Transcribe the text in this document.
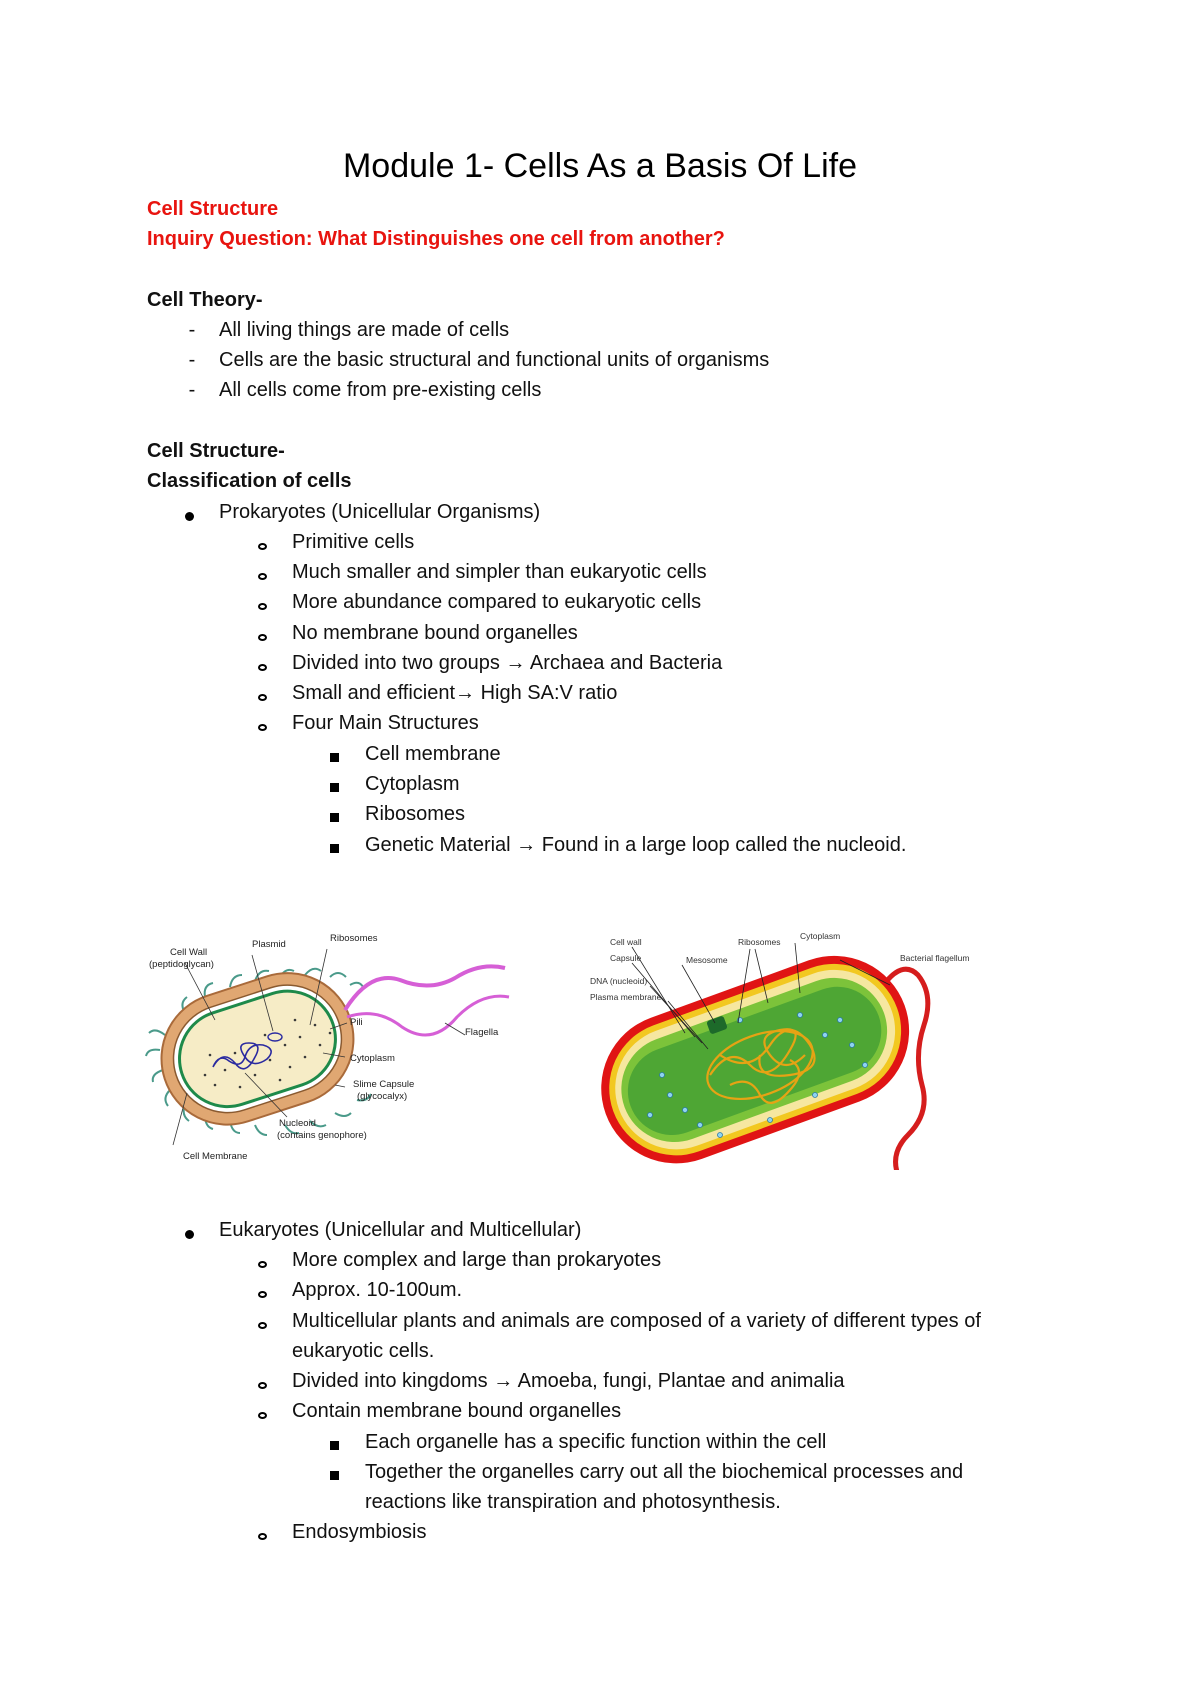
Module 1- Cells As a Basis Of Life
Cell Structure
Inquiry Question: What Distinguishes one cell from another?
Cell Theory-
-	All living things are made of cells
-	Cells are the basic structural and functional units of organisms
-	All cells come from pre-existing cells
Cell Structure-
Classification of cells
Prokaryotes (Unicellular Organisms)
Primitive cells
Much smaller and simpler than eukaryotic cells
More abundance compared to eukaryotic cells
No membrane bound organelles
Divided into two groups → Archaea and Bacteria
Small and efficient→ High SA:V ratio
Four Main Structures
Cell membrane
Cytoplasm
Ribosomes
Genetic Material → Found in a large loop called the nucleoid.
Cell Wall
(peptidoglycan)
Plasmid
Ribosomes
Pili
Flagella
Cytoplasm
Slime Capsule
(glycocalyx)
Nucleoid
(contains genophore)
Cell Membrane
Cell wall
Capsule
DNA (nucleoid)
Plasma membrane
Mesosome
Ribosomes
Cytoplasm
Bacterial flagellum
Eukaryotes (Unicellular and Multicellular)
More complex and large than prokaryotes
Approx. 10-100um.
Multicellular plants and animals are composed of a variety of different types of
eukaryotic cells.
Divided into kingdoms → Amoeba, fungi, Plantae and animalia
Contain membrane bound organelles
Each organelle has a specific function within the cell
Together the organelles carry out all the biochemical processes and
reactions like transpiration and photosynthesis.
Endosymbiosis
